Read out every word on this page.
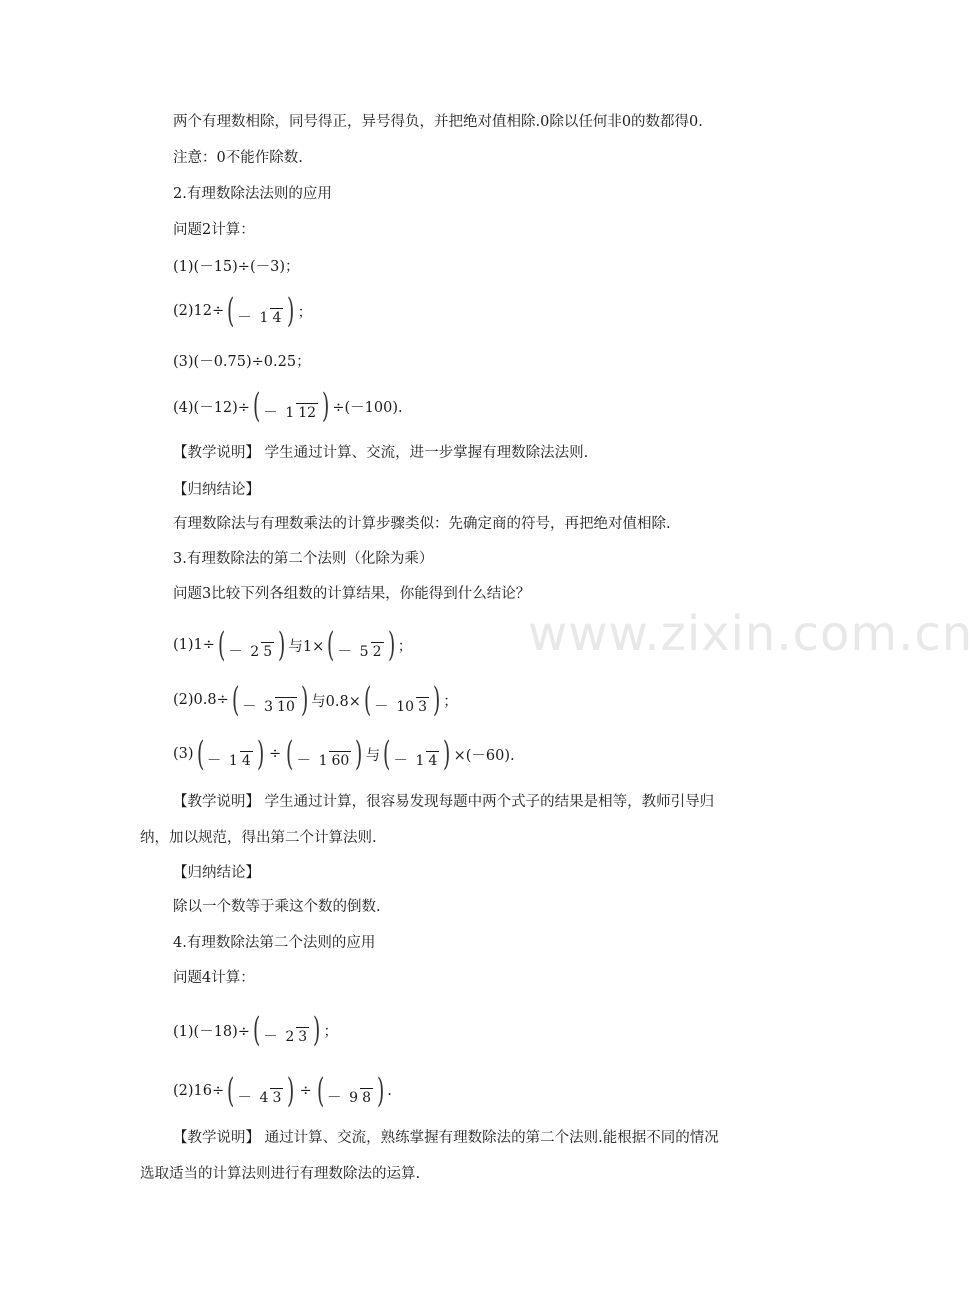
www.zixin.com.cn
两个有理数相除，同号得正，异号得负，并把绝对值相除.0除以任何非0的数都得0.
注意：0不能作除数.
2.有理数除法法则的应用
问题2计算：
(1)(－15)÷(－3)；
(2)12÷ ( － 1 4 ) ；
(3)(－0.75)÷0.25；
(4)(－12)÷ ( － 1 12 ) ÷(－100).
【教学说明】 学生通过计算、交流，进一步掌握有理数除法法则.
【归纳结论】
有理数除法与有理数乘法的计算步骤类似：先确定商的符号，再把绝对值相除.
3.有理数除法的第二个法则（化除为乘）
问题3比较下列各组数的计算结果，你能得到什么结论？
(1)1÷ ( － 2 5 ) 与1× ( － 5 2 ) ；
(2)0.8÷ ( － 3 10 ) 与0.8× ( － 10 3 ) ；
(3) ( － 1 4 ) ÷ ( － 1 60 ) 与 ( － 1 4 ) ×(－60).
【教学说明】 学生通过计算，很容易发现每题中两个式子的结果是相等，教师引导归
纳，加以规范，得出第二个计算法则.
【归纳结论】
除以一个数等于乘这个数的倒数.
4.有理数除法第二个法则的应用
问题4计算：
(1)(－18)÷ ( － 2 3 ) ；
(2)16÷ ( － 4 3 ) ÷ ( － 9 8 ) .
【教学说明】 通过计算、交流，熟练掌握有理数除法的第二个法则.能根据不同的情况
选取适当的计算法则进行有理数除法的运算.
